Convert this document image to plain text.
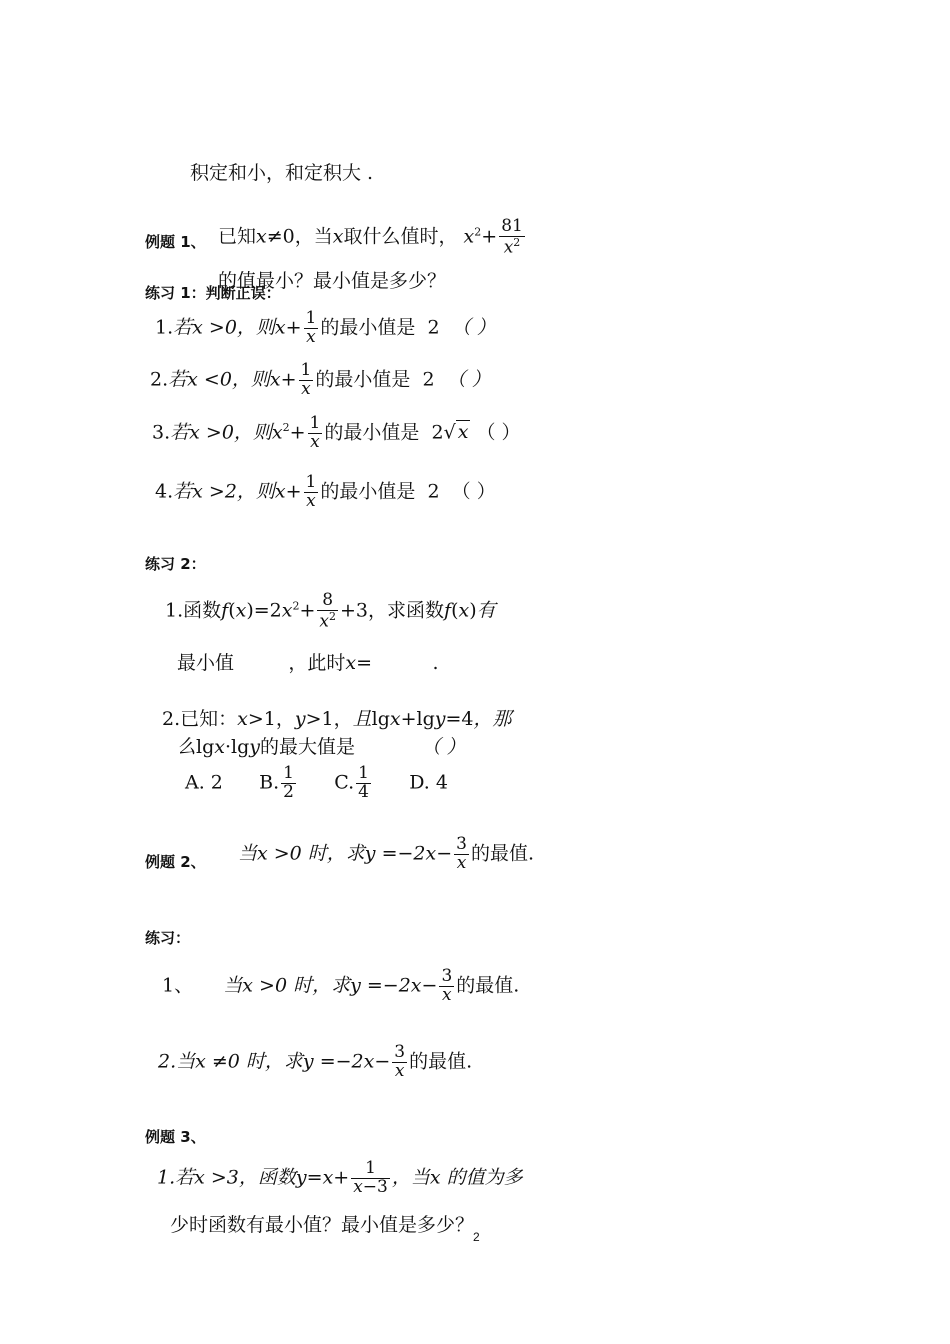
积定和小，和定积大 .
例题 1、 已知x≠0，当x取什么值时， $x^2+ \frac{81}{x^2}$
的值最小？最小值是多少？
练习 1：判断正误：
1.若x >0，则$x+ \frac{1}{x}$ 的最小值是 2 （ ）
2.若x <0，则$x+ \frac{1}{x}$ 的最小值是 2 （ ）
3.若x >0，则$x^2+ \frac{1}{x}$ 的最小值是 2√ x （ ）
4.若x >2，则$x+ \frac{1}{x}$ 的最小值是 2 （ ）
练习 2：
1.函数$f(x)=2x^2+ \frac{8}{x^2} +3$，求函数f(x)有
最小值	，此时x=          .
2.已知：x>1，y>1，且lgx+lgy=4，那
么lgx·lgy的最大值是	（ ）
A. 2 B. $\frac{1}{2} C$. $\frac{1}{4} D$. 4
例题 2、 当x >0 时，求$y =-2x- \frac{3}{x}$ 的最值.
练习：
1、 当x >0 时，求$y =-2x- \frac{3}{x}$ 的最值.
2.当x ≠0 时，求$y =-2x- \frac{3}{x}$ 的最值.
例题 3、
1.若x >3，函数$y=x+ \frac{1}{x-3}$ ，当x 的值为多
少时函数有最小值？最小值是多少？
2
